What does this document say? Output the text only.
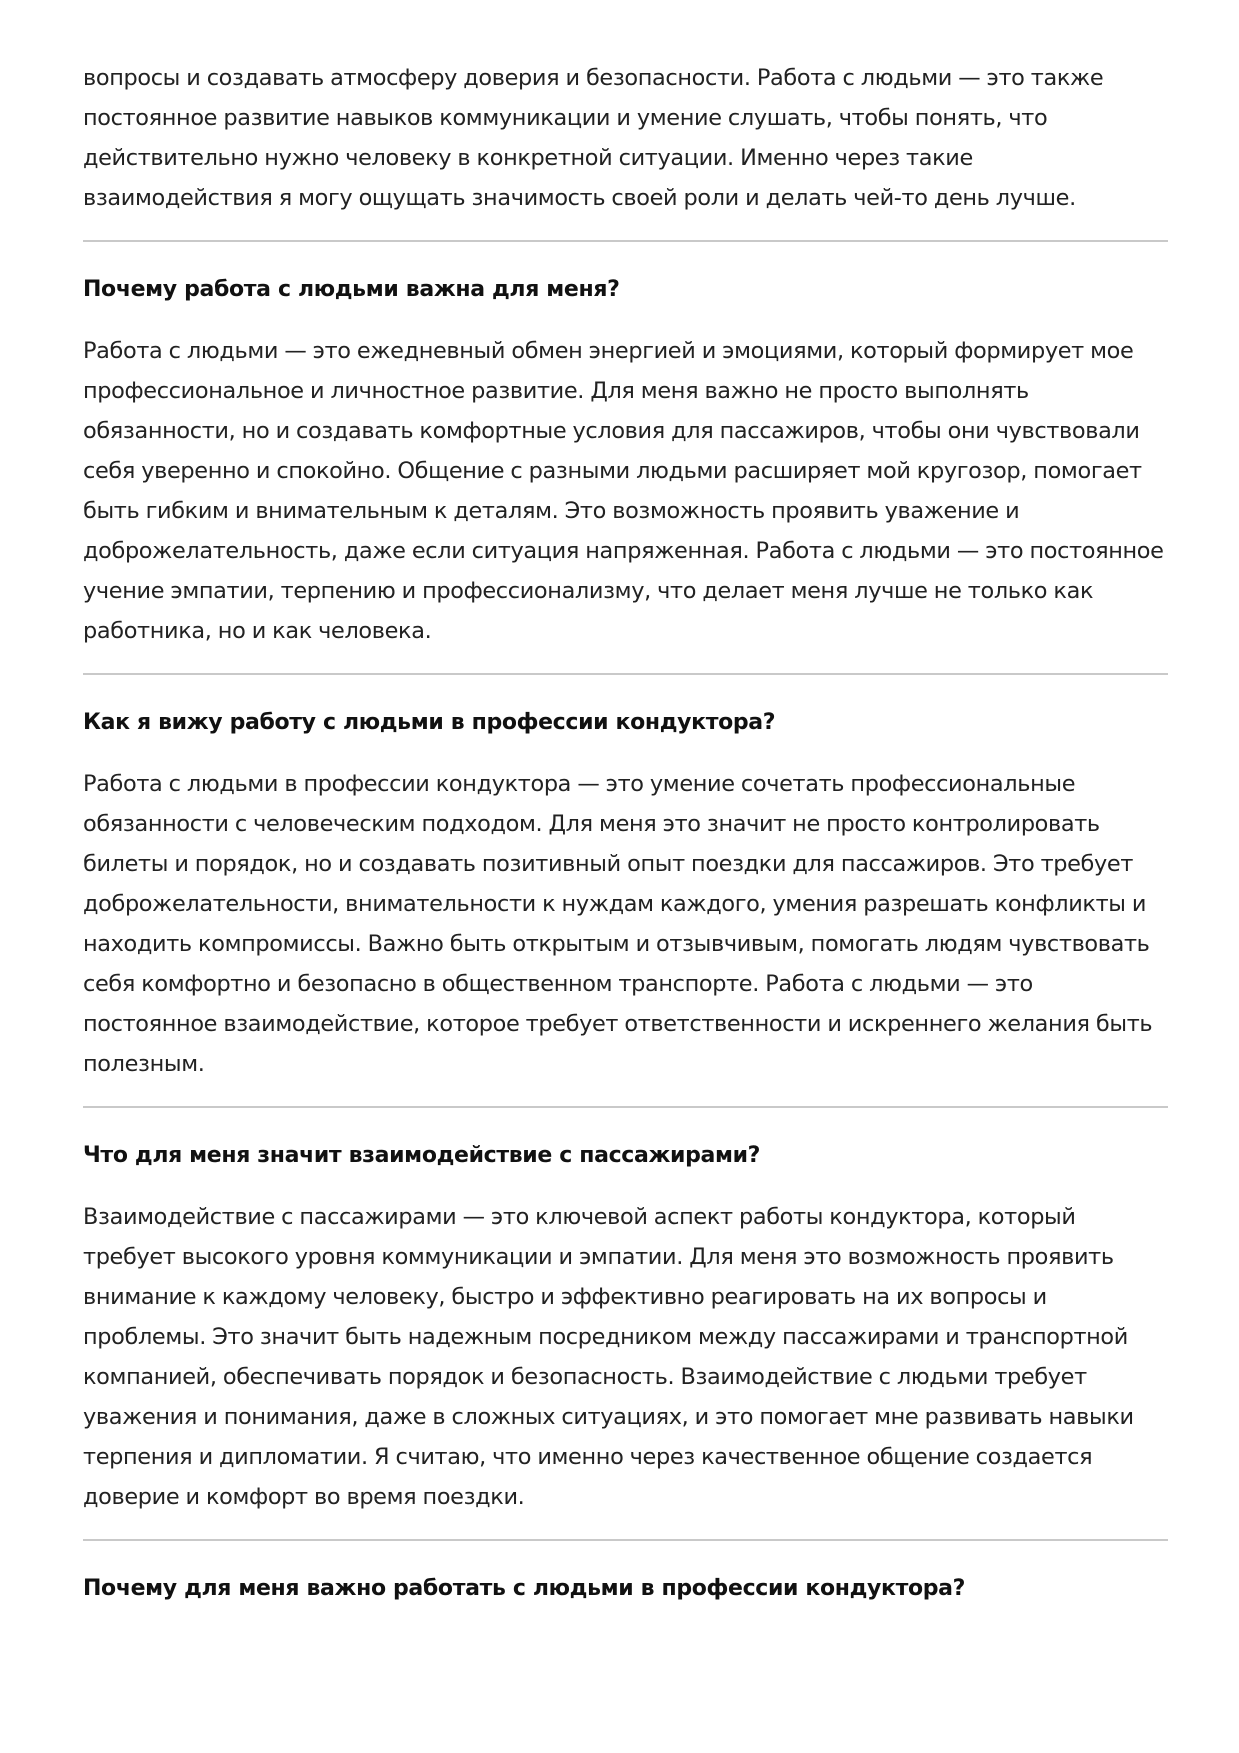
вопросы и создавать атмосферу доверия и безопасности. Работа с людьми — это также постоянное развитие навыков коммуникации и умение слушать, чтобы понять, что действительно нужно человеку в конкретной ситуации. Именно через такие взаимодействия я могу ощущать значимость своей роли и делать чей-то день лучше.

Почему работа с людьми важна для меня?

Работа с людьми — это ежедневный обмен энергией и эмоциями, который формирует мое профессиональное и личностное развитие. Для меня важно не просто выполнять обязанности, но и создавать комфортные условия для пассажиров, чтобы они чувствовали себя уверенно и спокойно. Общение с разными людьми расширяет мой кругозор, помогает быть гибким и внимательным к деталям. Это возможность проявить уважение и доброжелательность, даже если ситуация напряженная. Работа с людьми — это постоянное учение эмпатии, терпению и профессионализму, что делает меня лучше не только как работника, но и как человека.

Как я вижу работу с людьми в профессии кондуктора?

Работа с людьми в профессии кондуктора — это умение сочетать профессиональные обязанности с человеческим подходом. Для меня это значит не просто контролировать билеты и порядок, но и создавать позитивный опыт поездки для пассажиров. Это требует доброжелательности, внимательности к нуждам каждого, умения разрешать конфликты и находить компромиссы. Важно быть открытым и отзывчивым, помогать людям чувствовать себя комфортно и безопасно в общественном транспорте. Работа с людьми — это постоянное взаимодействие, которое требует ответственности и искреннего желания быть полезным.

Что для меня значит взаимодействие с пассажирами?

Взаимодействие с пассажирами — это ключевой аспект работы кондуктора, который требует высокого уровня коммуникации и эмпатии. Для меня это возможность проявить внимание к каждому человеку, быстро и эффективно реагировать на их вопросы и проблемы. Это значит быть надежным посредником между пассажирами и транспортной компанией, обеспечивать порядок и безопасность. Взаимодействие с людьми требует уважения и понимания, даже в сложных ситуациях, и это помогает мне развивать навыки терпения и дипломатии. Я считаю, что именно через качественное общение создается доверие и комфорт во время поездки.

Почему для меня важно работать с людьми в профессии кондуктора?
